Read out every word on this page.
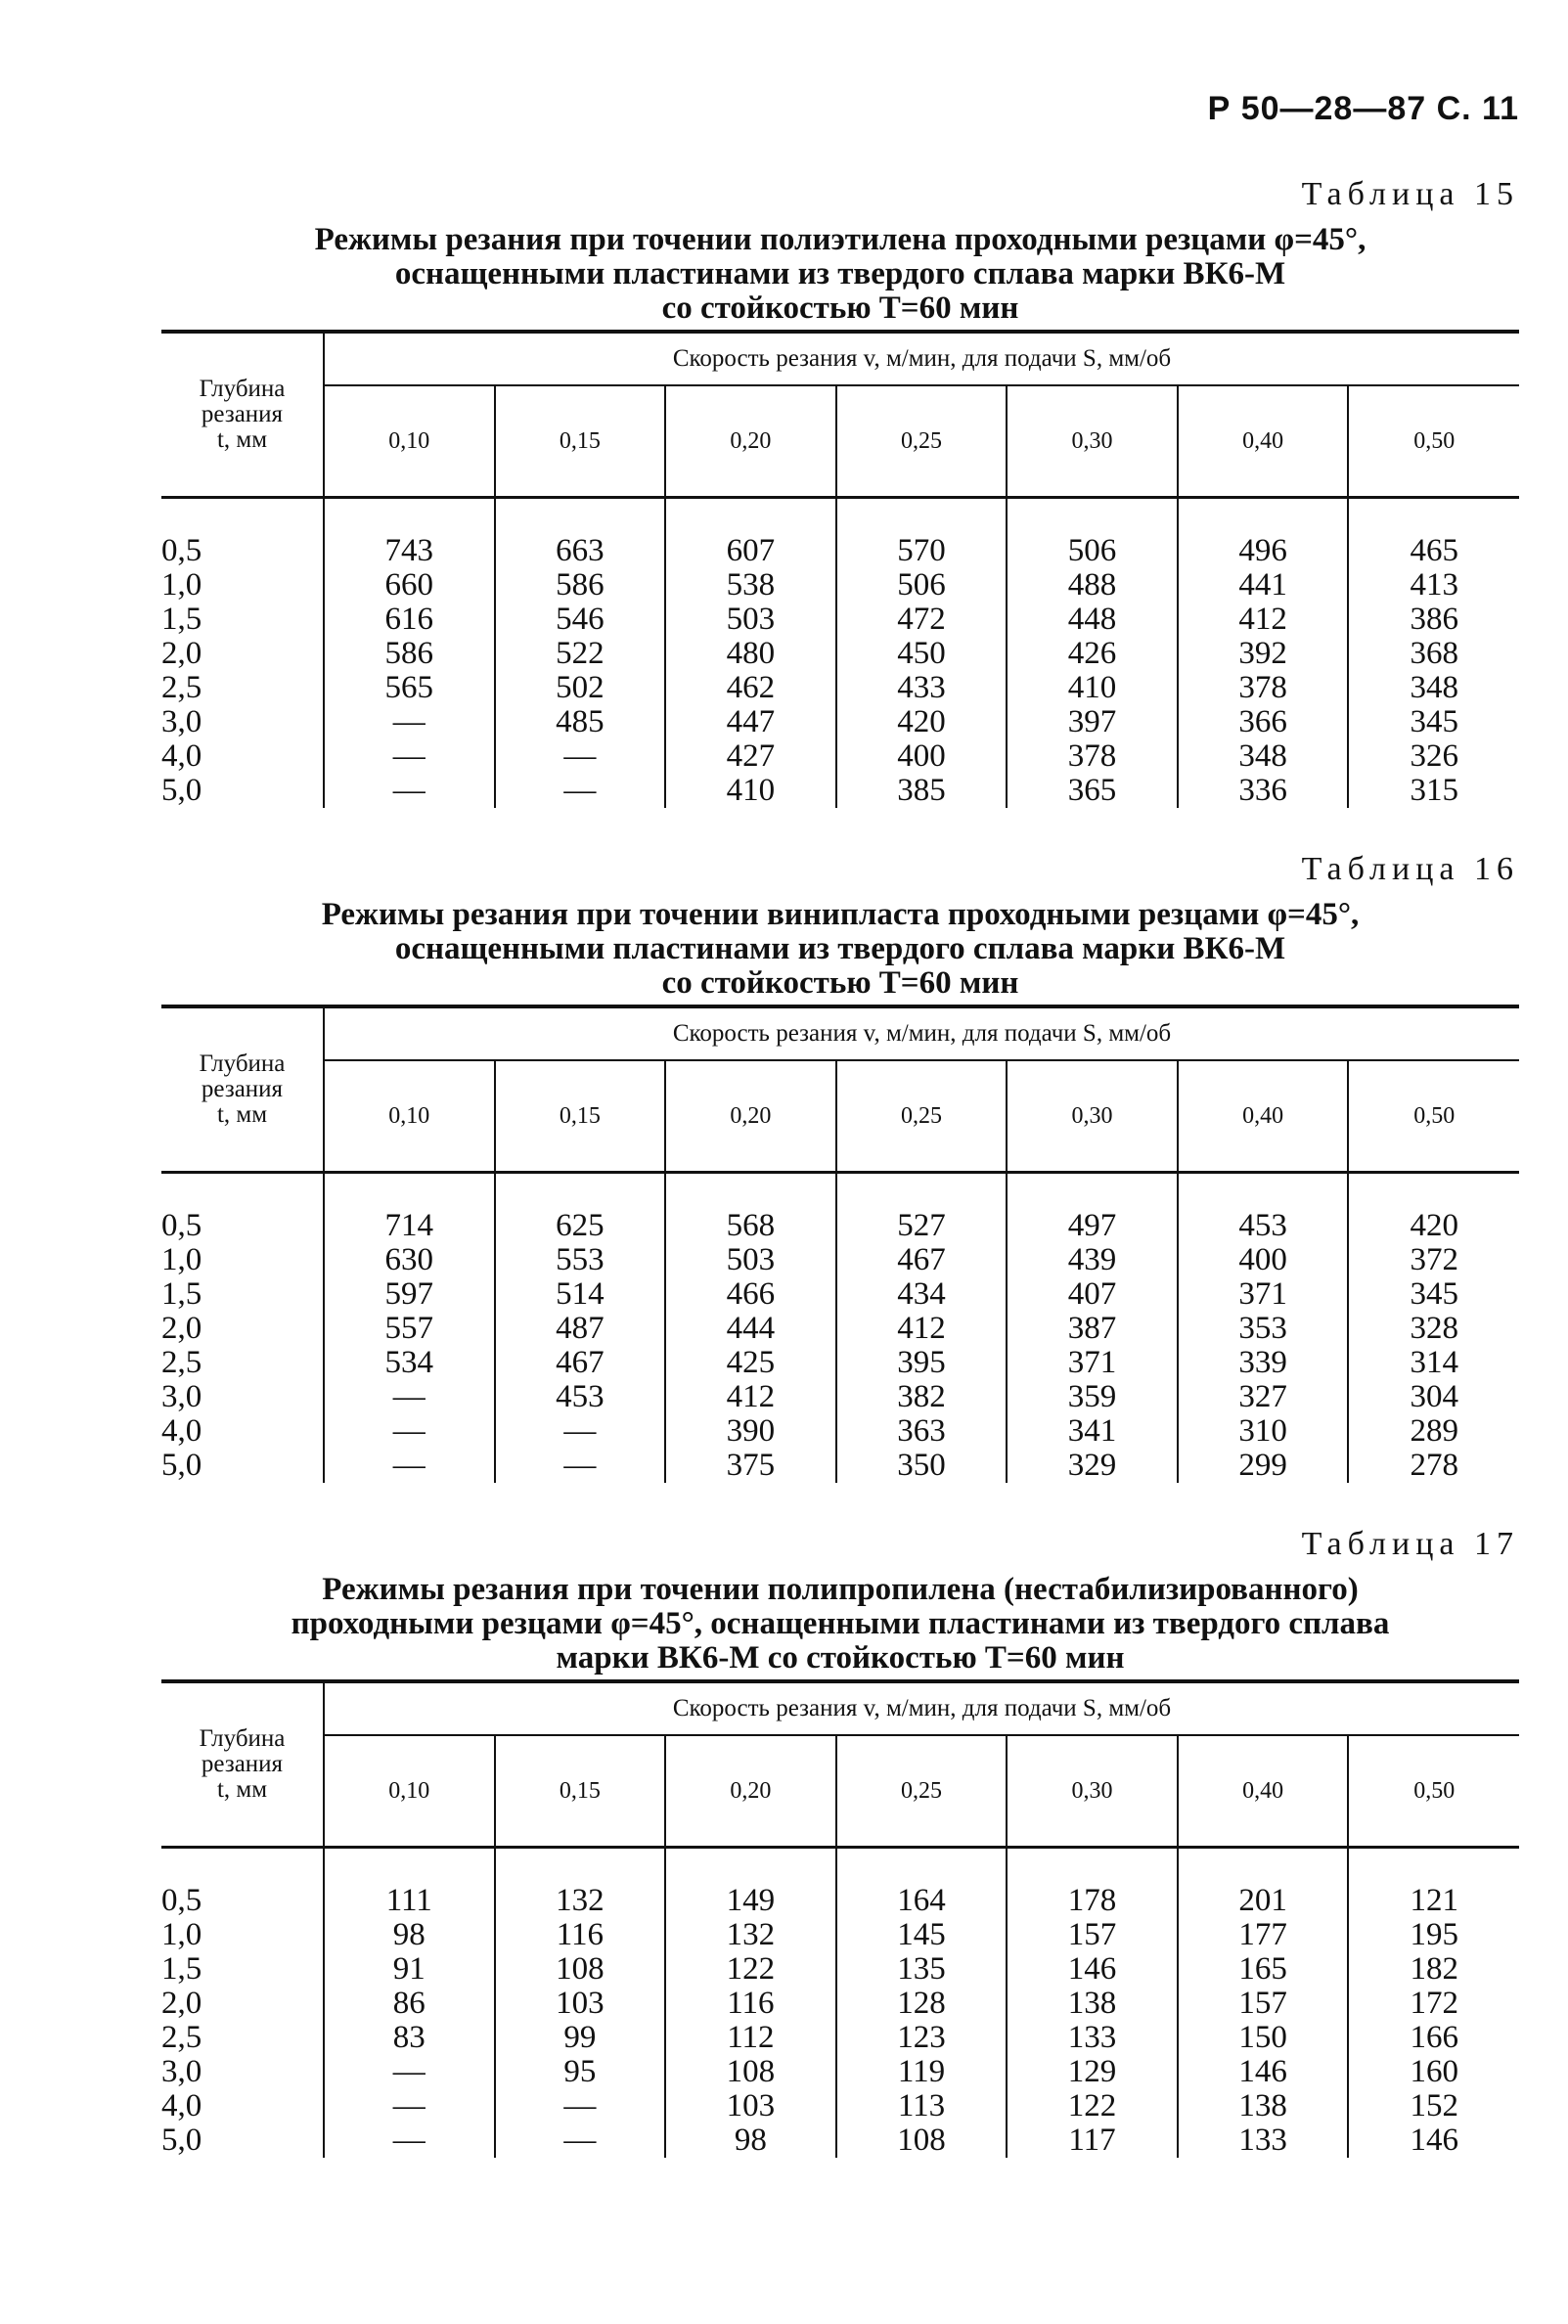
Р 50—28—87 С. 11
Таблица 15
Режимы резания при точении полиэтилена проходными резцами φ=45°,
оснащенными пластинами из твердого сплава марки ВК6-М
со стойкостью T=60 мин
Глубина
резания
t, мм	Скорость резания v, м/мин, для подачи S, мм/об						
	0,10	0,15	0,20	0,25	0,30	0,40	0,50

0,5	743	663	607	570	506	496	465
1,0	660	586	538	506	488	441	413
1,5	616	546	503	472	448	412	386
2,0	586	522	480	450	426	392	368
2,5	565	502	462	433	410	378	348
3,0	—	485	447	420	397	366	345
4,0	—	—	427	400	378	348	326
5,0	—	—	410	385	365	336	315
Таблица 16
Режимы резания при точении винипласта проходными резцами φ=45°,
оснащенными пластинами из твердого сплава марки ВК6-М
со стойкостью T=60 мин
Глубина
резания
t, мм	Скорость резания v, м/мин, для подачи S, мм/об						
	0,10	0,15	0,20	0,25	0,30	0,40	0,50

0,5	714	625	568	527	497	453	420
1,0	630	553	503	467	439	400	372
1,5	597	514	466	434	407	371	345
2,0	557	487	444	412	387	353	328
2,5	534	467	425	395	371	339	314
3,0	—	453	412	382	359	327	304
4,0	—	—	390	363	341	310	289
5,0	—	—	375	350	329	299	278
Таблица 17
Режимы резания при точении полипропилена (нестабилизированного)
проходными резцами φ=45°, оснащенными пластинами из твердого сплава
марки ВК6-М со стойкостью T=60 мин
Глубина
резания
t, мм	Скорость резания v, м/мин, для подачи S, мм/об						
	0,10	0,15	0,20	0,25	0,30	0,40	0,50

0,5	111	132	149	164	178	201	121
1,0	98	116	132	145	157	177	195
1,5	91	108	122	135	146	165	182
2,0	86	103	116	128	138	157	172
2,5	83	99	112	123	133	150	166
3,0	—	95	108	119	129	146	160
4,0	—	—	103	113	122	138	152
5,0	—	—	98	108	117	133	146
